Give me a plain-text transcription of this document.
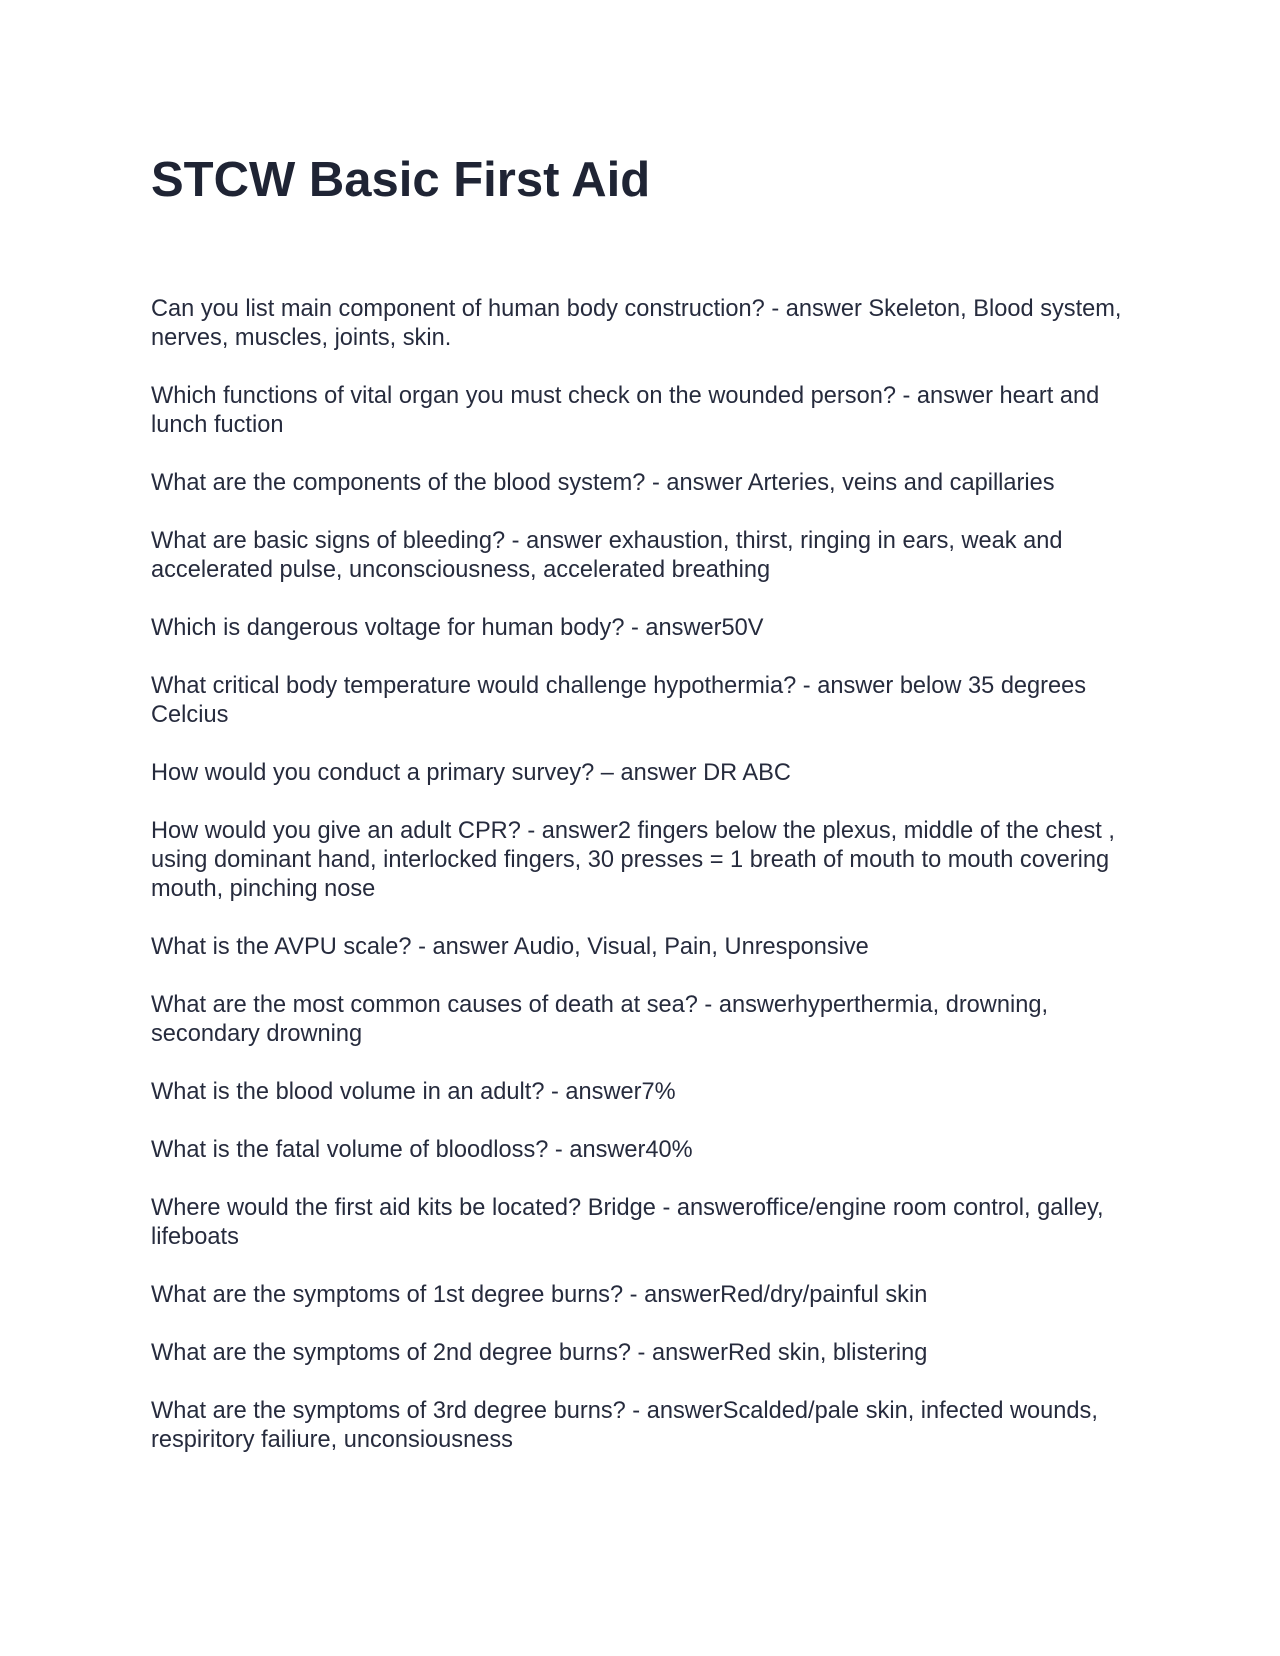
STCW Basic First Aid
Can you list main component of human body construction? - answer Skeleton, Blood system, nerves, muscles, joints, skin.
Which functions of vital organ you must check on the wounded person? - answer heart and lunch fuction
What are the components of the blood system? - answer Arteries, veins and capillaries
What are basic signs of bleeding? - answer exhaustion, thirst, ringing in ears, weak and accelerated pulse, unconsciousness, accelerated breathing
Which is dangerous voltage for human body? - answer50V
What critical body temperature would challenge hypothermia? - answer below 35 degrees Celcius
How would you conduct a primary survey? – answer DR ABC
How would you give an adult CPR? - answer2 fingers below the plexus, middle of the chest , using dominant hand, interlocked fingers, 30 presses = 1 breath of mouth to mouth covering mouth, pinching nose
What is the AVPU scale? - answer Audio, Visual, Pain, Unresponsive
What are the most common causes of death at sea? - answerhyperthermia, drowning, secondary drowning
What is the blood volume in an adult? - answer7%
What is the fatal volume of bloodloss? - answer40%
Where would the first aid kits be located? Bridge - answeroffice/engine room control, galley, lifeboats
What are the symptoms of 1st degree burns? - answerRed/dry/painful skin
What are the symptoms of 2nd degree burns? - answerRed skin, blistering
What are the symptoms of 3rd degree burns? - answerScalded/pale skin, infected wounds, respiritory failiure, unconsiousness
